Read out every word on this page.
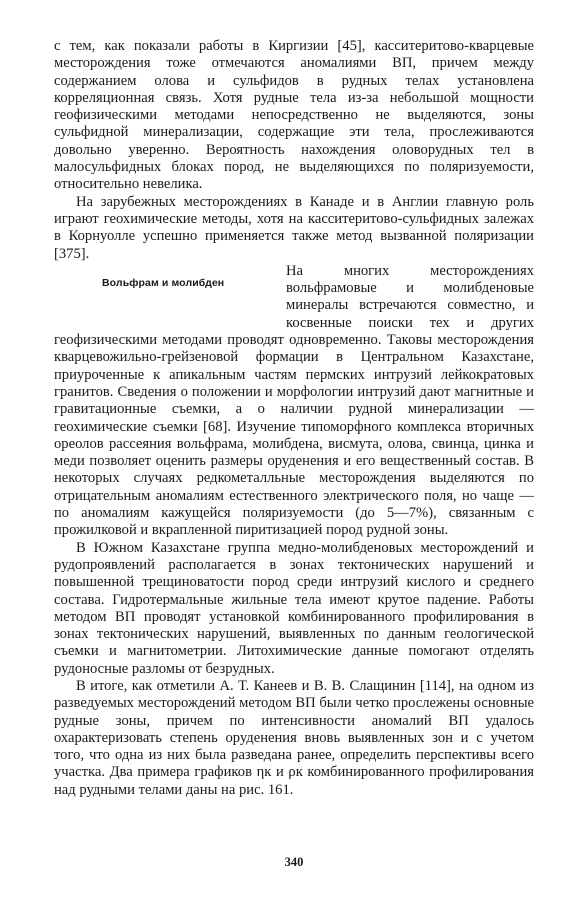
с тем, как показали работы в Киргизии [45], касситеритово-кварцевые месторождения тоже отмечаются аномалиями ВП, причем между содержанием олова и сульфидов в рудных телах установлена корреляционная связь. Хотя рудные тела из-за небольшой мощности геофизическими методами непосредственно не выделяются, зоны сульфидной минерализации, содержащие эти тела, прослеживаются довольно уверенно. Вероятность нахождения оловорудных тел в малосульфидных блоках пород, не выделяющихся по поляризуемости, относительно невелика.

На зарубежных месторождениях в Канаде и в Англии главную роль играют геохимические методы, хотя на касситеритово-сульфидных залежах в Корнуолле успешно применяется также метод вызванной поляризации [375].

Вольфрам и молибден

На многих месторождениях вольфрамовые и молибденовые минералы встречаются совместно, и косвенные поиски тех и других геофизическими методами проводят одновременно. Таковы месторождения кварцевожильно-грейзеновой формации в Центральном Казахстане, приуроченные к апикальным частям пермских интрузий лейкократовых гранитов. Сведения о положении и морфологии интрузий дают магнитные и гравитационные съемки, а о наличии рудной минерализации — геохимические съемки [68]. Изучение типоморфного комплекса вторичных ореолов рассеяния вольфрама, молибдена, висмута, олова, свинца, цинка и меди позволяет оценить размеры оруденения и его вещественный состав. В некоторых случаях редкометалльные месторождения выделяются по отрицательным аномалиям естественного электрического поля, но чаще — по аномалиям кажущейся поляризуемости (до 5—7%), связанным с прожилковой и вкрапленной пиритизацией пород рудной зоны.

В Южном Казахстане группа медно-молибденовых месторождений и рудопроявлений располагается в зонах тектонических нарушений и повышенной трещиноватости пород среди интрузий кислого и среднего состава. Гидротермальные жильные тела имеют крутое падение. Работы методом ВП проводят установкой комбинированного профилирования в зонах тектонических нарушений, выявленных по данным геологической съемки и магнитометрии. Литохимические данные помогают отделять рудоносные разломы от безрудных.

В итоге, как отметили А. Т. Канеев и В. В. Слащинин [114], на одном из разведуемых месторождений методом ВП были четко прослежены основные рудные зоны, причем по интенсивности аномалий ВП удалось охарактеризовать степень оруденения вновь выявленных зон и с учетом того, что одна из них была разведана ранее, определить перспективы всего участка. Два примера графиков ηк и ρк комбинированного профилирования над рудными телами даны на рис. 161.

340
